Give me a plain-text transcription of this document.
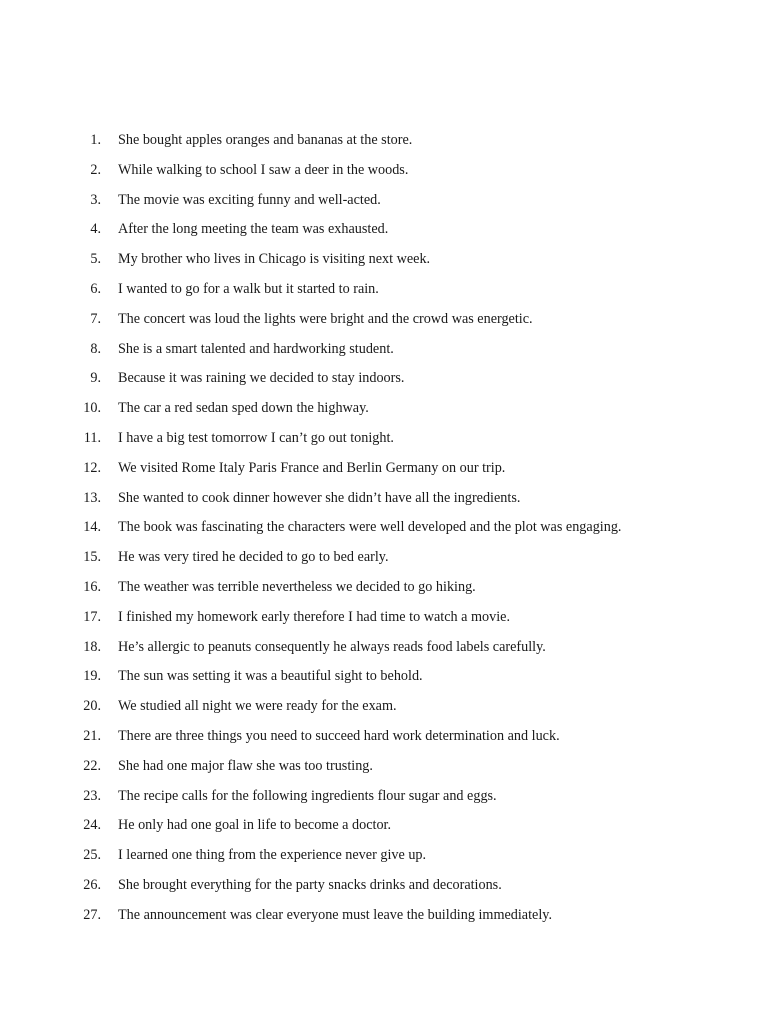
1.	She bought apples oranges and bananas at the store.
2.	While walking to school I saw a deer in the woods.
3.	The movie was exciting funny and well-acted.
4.	After the long meeting the team was exhausted.
5.	My brother who lives in Chicago is visiting next week.
6.	I wanted to go for a walk but it started to rain.
7.	The concert was loud the lights were bright and the crowd was energetic.
8.	She is a smart talented and hardworking student.
9.	Because it was raining we decided to stay indoors.
10.	The car a red sedan sped down the highway.
11.	I have a big test tomorrow I can’t go out tonight.
12.	We visited Rome Italy Paris France and Berlin Germany on our trip.
13.	She wanted to cook dinner however she didn’t have all the ingredients.
14.	The book was fascinating the characters were well developed and the plot was engaging.
15.	He was very tired he decided to go to bed early.
16.	The weather was terrible nevertheless we decided to go hiking.
17.	I finished my homework early therefore I had time to watch a movie.
18.	He’s allergic to peanuts consequently he always reads food labels carefully.
19.	The sun was setting it was a beautiful sight to behold.
20.	We studied all night we were ready for the exam.
21.	There are three things you need to succeed hard work determination and luck.
22.	She had one major flaw she was too trusting.
23.	The recipe calls for the following ingredients flour sugar and eggs.
24.	He only had one goal in life to become a doctor.
25.	I learned one thing from the experience never give up.
26.	She brought everything for the party snacks drinks and decorations.
27.	The announcement was clear everyone must leave the building immediately.
